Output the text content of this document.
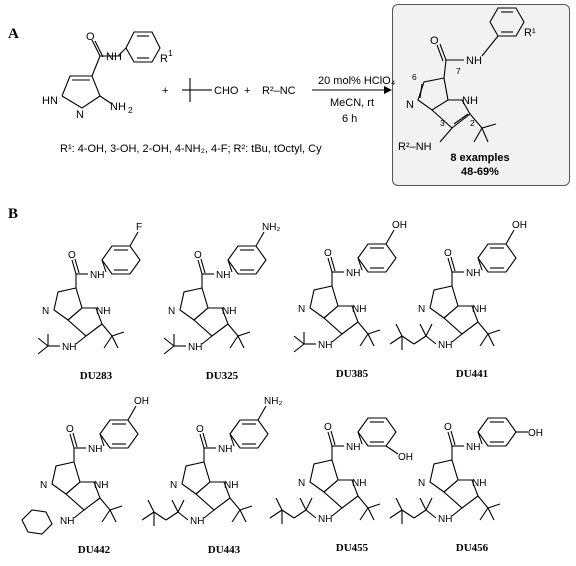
A
B
O
NH	R 1
HN
N
NH 2
+	CHO + R²–NC
20 mol% HClO₄
MeCN, rt
6 h
R¹: 4-OH, 3-OH, 2-OH, 4-NH₂, 4-F; R²: tBu, tOctyl, Cy
O
NH
R¹
N	NH
R²–NH
6
7
3	2
F
NH
O
N	NH
NH
NH₂
NH
O
N	NH
NH
OH
NH
O
N	NH
NH
OH
NH
O
N	NH
NH
OH
NH
O
N	NH
NH
NH₂
NH
O
N	NH
NH
OH
NH
O
N	NH
NH
OH
NH
O
N	NH
NH
8 examples
48-69%
DU283	DU325	DU385	DU441
DU442	DU443	DU455	DU456
